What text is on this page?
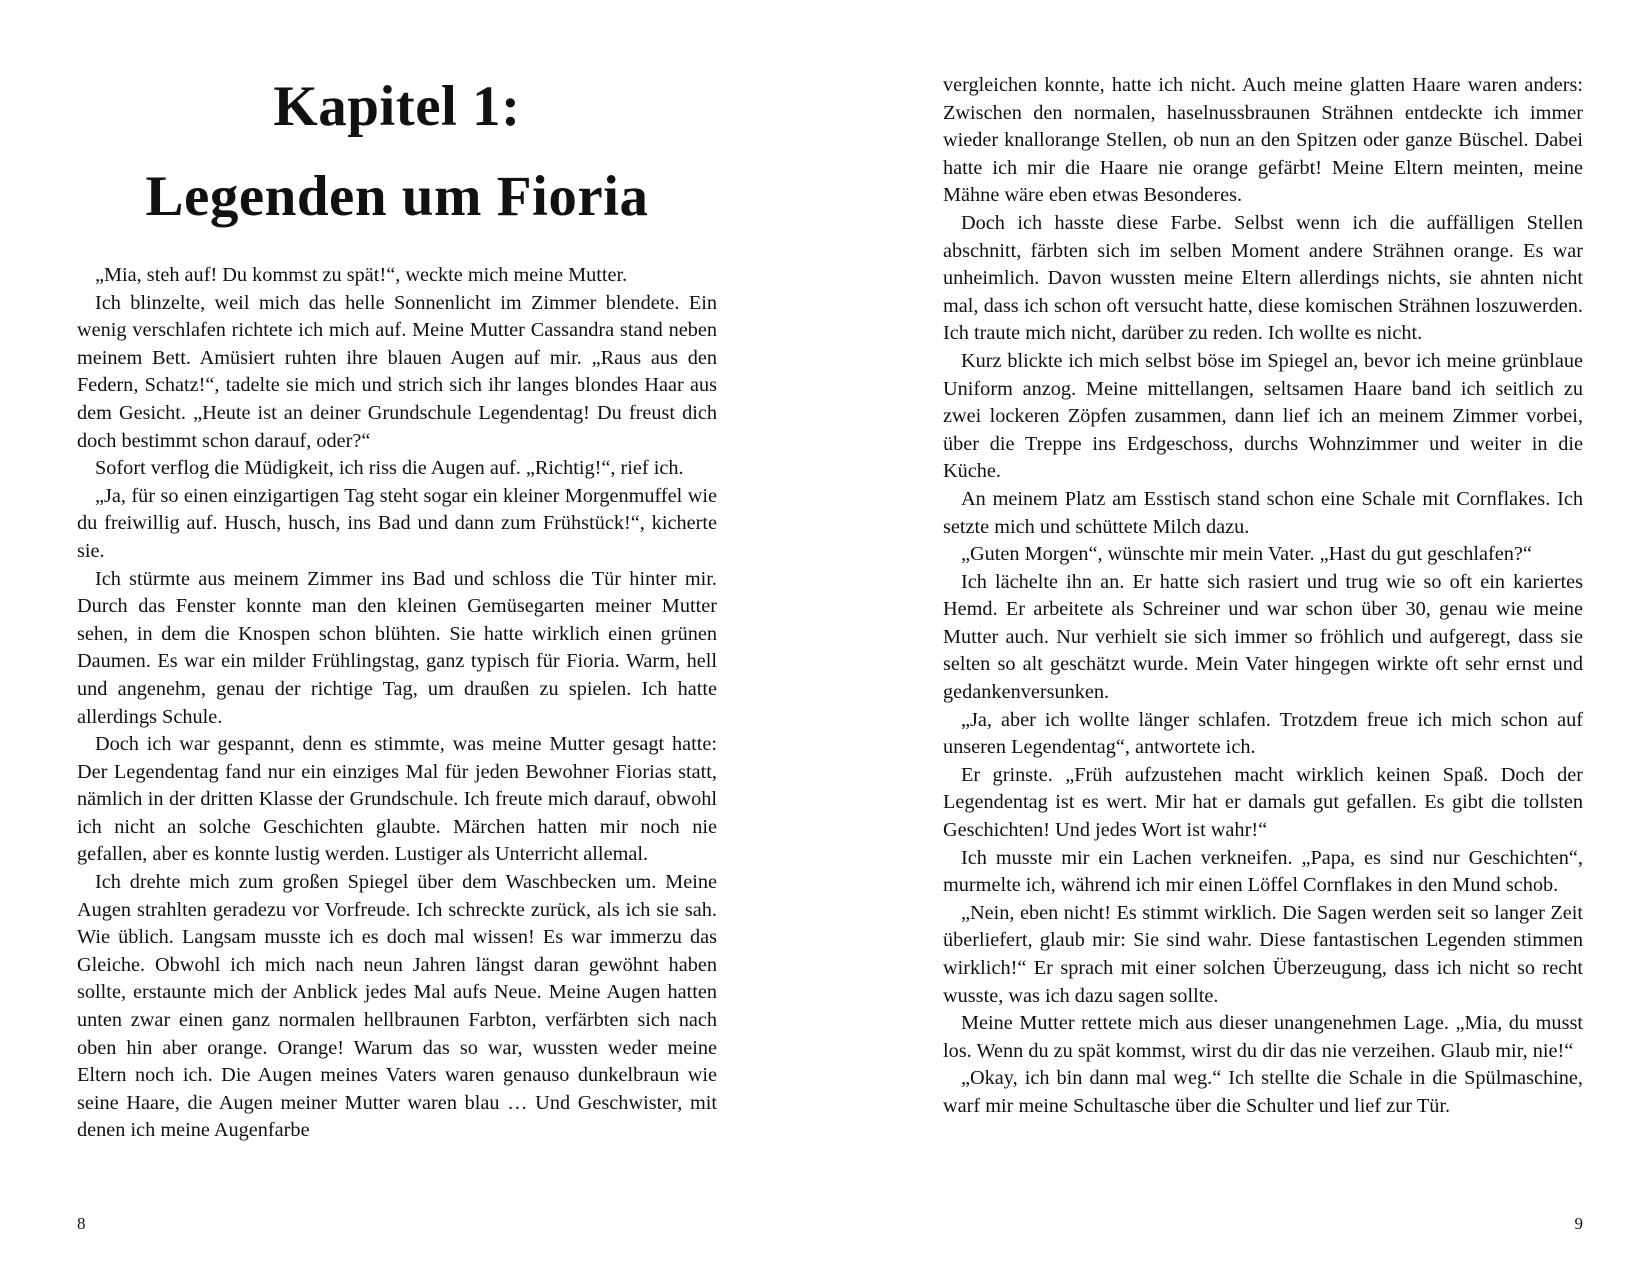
Kapitel 1:
Legenden um Fioria

„Mia, steh auf! Du kommst zu spät!“, weckte mich meine Mutter.

Ich blinzelte, weil mich das helle Sonnenlicht im Zimmer blendete. Ein wenig verschlafen richtete ich mich auf. Meine Mutter Cassandra stand neben meinem Bett. Amüsiert ruhten ihre blauen Augen auf mir. „Raus aus den Federn, Schatz!“, tadelte sie mich und strich sich ihr langes blondes Haar aus dem Gesicht. „Heute ist an deiner Grundschule Legendentag! Du freust dich doch bestimmt schon darauf, oder?“

Sofort verflog die Müdigkeit, ich riss die Augen auf. „Richtig!“, rief ich.

„Ja, für so einen einzigartigen Tag steht sogar ein kleiner Morgenmuffel wie du freiwillig auf. Husch, husch, ins Bad und dann zum Frühstück!“, kicherte sie.

Ich stürmte aus meinem Zimmer ins Bad und schloss die Tür hinter mir. Durch das Fenster konnte man den kleinen Gemüsegarten meiner Mutter sehen, in dem die Knospen schon blühten. Sie hatte wirklich einen grünen Daumen. Es war ein milder Frühlingstag, ganz typisch für Fioria. Warm, hell und angenehm, genau der richtige Tag, um draußen zu spielen. Ich hatte allerdings Schule.

Doch ich war gespannt, denn es stimmte, was meine Mutter gesagt hatte: Der Legendentag fand nur ein einziges Mal für jeden Bewohner Fiorias statt, nämlich in der dritten Klasse der Grundschule. Ich freute mich darauf, obwohl ich nicht an solche Geschichten glaubte. Märchen hatten mir noch nie gefallen, aber es konnte lustig werden. Lustiger als Unterricht allemal.

Ich drehte mich zum großen Spiegel über dem Waschbecken um. Meine Augen strahlten geradezu vor Vorfreude. Ich schreckte zurück, als ich sie sah. Wie üblich. Langsam musste ich es doch mal wissen! Es war immerzu das Gleiche. Obwohl ich mich nach neun Jahren längst daran gewöhnt haben sollte, erstaunte mich der Anblick jedes Mal aufs Neue. Meine Augen hatten unten zwar einen ganz normalen hellbraunen Farbton, verfärbten sich nach oben hin aber orange. Orange! Warum das so war, wussten weder meine Eltern noch ich. Die Augen meines Vaters waren genauso dunkelbraun wie seine Haare, die Augen meiner Mutter waren blau … Und Geschwister, mit denen ich meine Augenfarbe

8

vergleichen konnte, hatte ich nicht. Auch meine glatten Haare waren anders: Zwischen den normalen, haselnussbraunen Strähnen entdeckte ich immer wieder knallorange Stellen, ob nun an den Spitzen oder ganze Büschel. Dabei hatte ich mir die Haare nie orange gefärbt! Meine Eltern meinten, meine Mähne wäre eben etwas Besonderes.

Doch ich hasste diese Farbe. Selbst wenn ich die auffälligen Stellen abschnitt, färbten sich im selben Moment andere Strähnen orange. Es war unheimlich. Davon wussten meine Eltern allerdings nichts, sie ahnten nicht mal, dass ich schon oft versucht hatte, diese komischen Strähnen loszuwerden. Ich traute mich nicht, darüber zu reden. Ich wollte es nicht.

Kurz blickte ich mich selbst böse im Spiegel an, bevor ich meine grünblaue Uniform anzog. Meine mittellangen, seltsamen Haare band ich seitlich zu zwei lockeren Zöpfen zusammen, dann lief ich an meinem Zimmer vorbei, über die Treppe ins Erdgeschoss, durchs Wohnzimmer und weiter in die Küche.

An meinem Platz am Esstisch stand schon eine Schale mit Cornflakes. Ich setzte mich und schüttete Milch dazu.

„Guten Morgen“, wünschte mir mein Vater. „Hast du gut geschlafen?“

Ich lächelte ihn an. Er hatte sich rasiert und trug wie so oft ein kariertes Hemd. Er arbeitete als Schreiner und war schon über 30, genau wie meine Mutter auch. Nur verhielt sie sich immer so fröhlich und aufgeregt, dass sie selten so alt geschätzt wurde. Mein Vater hingegen wirkte oft sehr ernst und gedankenversunken.

„Ja, aber ich wollte länger schlafen. Trotzdem freue ich mich schon auf unseren Legendentag“, antwortete ich.

Er grinste. „Früh aufzustehen macht wirklich keinen Spaß. Doch der Legendentag ist es wert. Mir hat er damals gut gefallen. Es gibt die tollsten Geschichten! Und jedes Wort ist wahr!“

Ich musste mir ein Lachen verkneifen. „Papa, es sind nur Geschichten“, murmelte ich, während ich mir einen Löffel Cornflakes in den Mund schob.

„Nein, eben nicht! Es stimmt wirklich. Die Sagen werden seit so langer Zeit überliefert, glaub mir: Sie sind wahr. Diese fantastischen Legenden stimmen wirklich!“ Er sprach mit einer solchen Überzeugung, dass ich nicht so recht wusste, was ich dazu sagen sollte.

Meine Mutter rettete mich aus dieser unangenehmen Lage. „Mia, du musst los. Wenn du zu spät kommst, wirst du dir das nie verzeihen. Glaub mir, nie!“

„Okay, ich bin dann mal weg.“ Ich stellte die Schale in die Spülmaschine, warf mir meine Schultasche über die Schulter und lief zur Tür.

9
